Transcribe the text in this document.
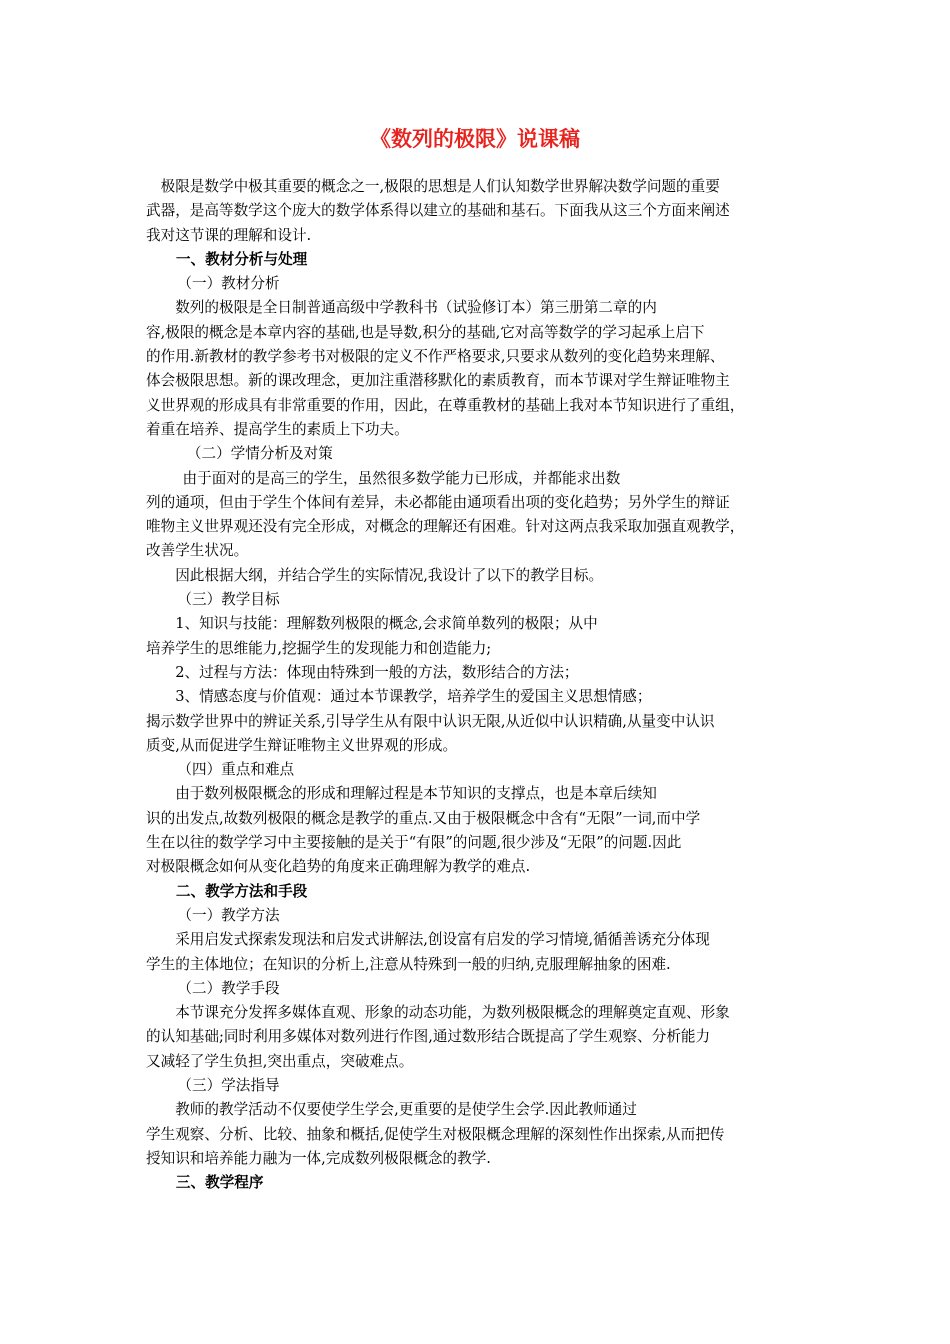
《数列的极限》说课稿
极限是数学中极其重要的概念之一,极限的思想是人们认知数学世界解决数学问题的重要
武器，是高等数学这个庞大的数学体系得以建立的基础和基石。下面我从这三个方面来阐述
我对这节课的理解和设计.
一、教材分析与处理
（一）教材分析
数列的极限是全日制普通高级中学教科书（试验修订本）第三册第二章的内
容,极限的概念是本章内容的基础,也是导数,积分的基础,它对高等数学的学习起承上启下
的作用.新教材的教学参考书对极限的定义不作严格要求,只要求从数列的变化趋势来理解、
体会极限思想。新的课改理念，更加注重潜移默化的素质教育，而本节课对学生辩证唯物主
义世界观的形成具有非常重要的作用，因此，在尊重教材的基础上我对本节知识进行了重组，
着重在培养、提高学生的素质上下功夫。
（二）学情分析及对策
由于面对的是高三的学生，虽然很多数学能力已形成，并都能求出数
列的通项，但由于学生个体间有差异，未必都能由通项看出项的变化趋势；另外学生的辩证
唯物主义世界观还没有完全形成，对概念的理解还有困难。针对这两点我采取加强直观教学，
改善学生状况。
因此根据大纲，并结合学生的实际情况,我设计了以下的教学目标。
（三）教学目标
1、知识与技能：理解数列极限的概念,会求简单数列的极限；从中
培养学生的思维能力,挖掘学生的发现能力和创造能力;
2、过程与方法：体现由特殊到一般的方法，数形结合的方法；
3、情感态度与价值观：通过本节课教学，培养学生的爱国主义思想情感；
揭示数学世界中的辨证关系,引导学生从有限中认识无限,从近似中认识精确,从量变中认识
质变,从而促进学生辩证唯物主义世界观的形成。
（四）重点和难点
由于数列极限概念的形成和理解过程是本节知识的支撑点，也是本章后续知
识的出发点,故数列极限的概念是教学的重点.又由于极限概念中含有“无限”一词,而中学
生在以往的数学学习中主要接触的是关于“有限”的问题,很少涉及“无限”的问题.因此
对极限概念如何从变化趋势的角度来正确理解为教学的难点.
二、教学方法和手段
（一）教学方法
采用启发式探索发现法和启发式讲解法,创设富有启发的学习情境,循循善诱充分体现
学生的主体地位；在知识的分析上,注意从特殊到一般的归纳,克服理解抽象的困难.
（二）教学手段
本节课充分发挥多媒体直观、形象的动态功能，为数列极限概念的理解奠定直观、形象
的认知基础;同时利用多媒体对数列进行作图,通过数形结合既提高了学生观察、分析能力
又减轻了学生负担,突出重点，突破难点。
（三）学法指导
教师的教学活动不仅要使学生学会,更重要的是使学生会学.因此教师通过
学生观察、分析、比较、抽象和概括,促使学生对极限概念理解的深刻性作出探索,从而把传
授知识和培养能力融为一体,完成数列极限概念的教学.
三、教学程序
